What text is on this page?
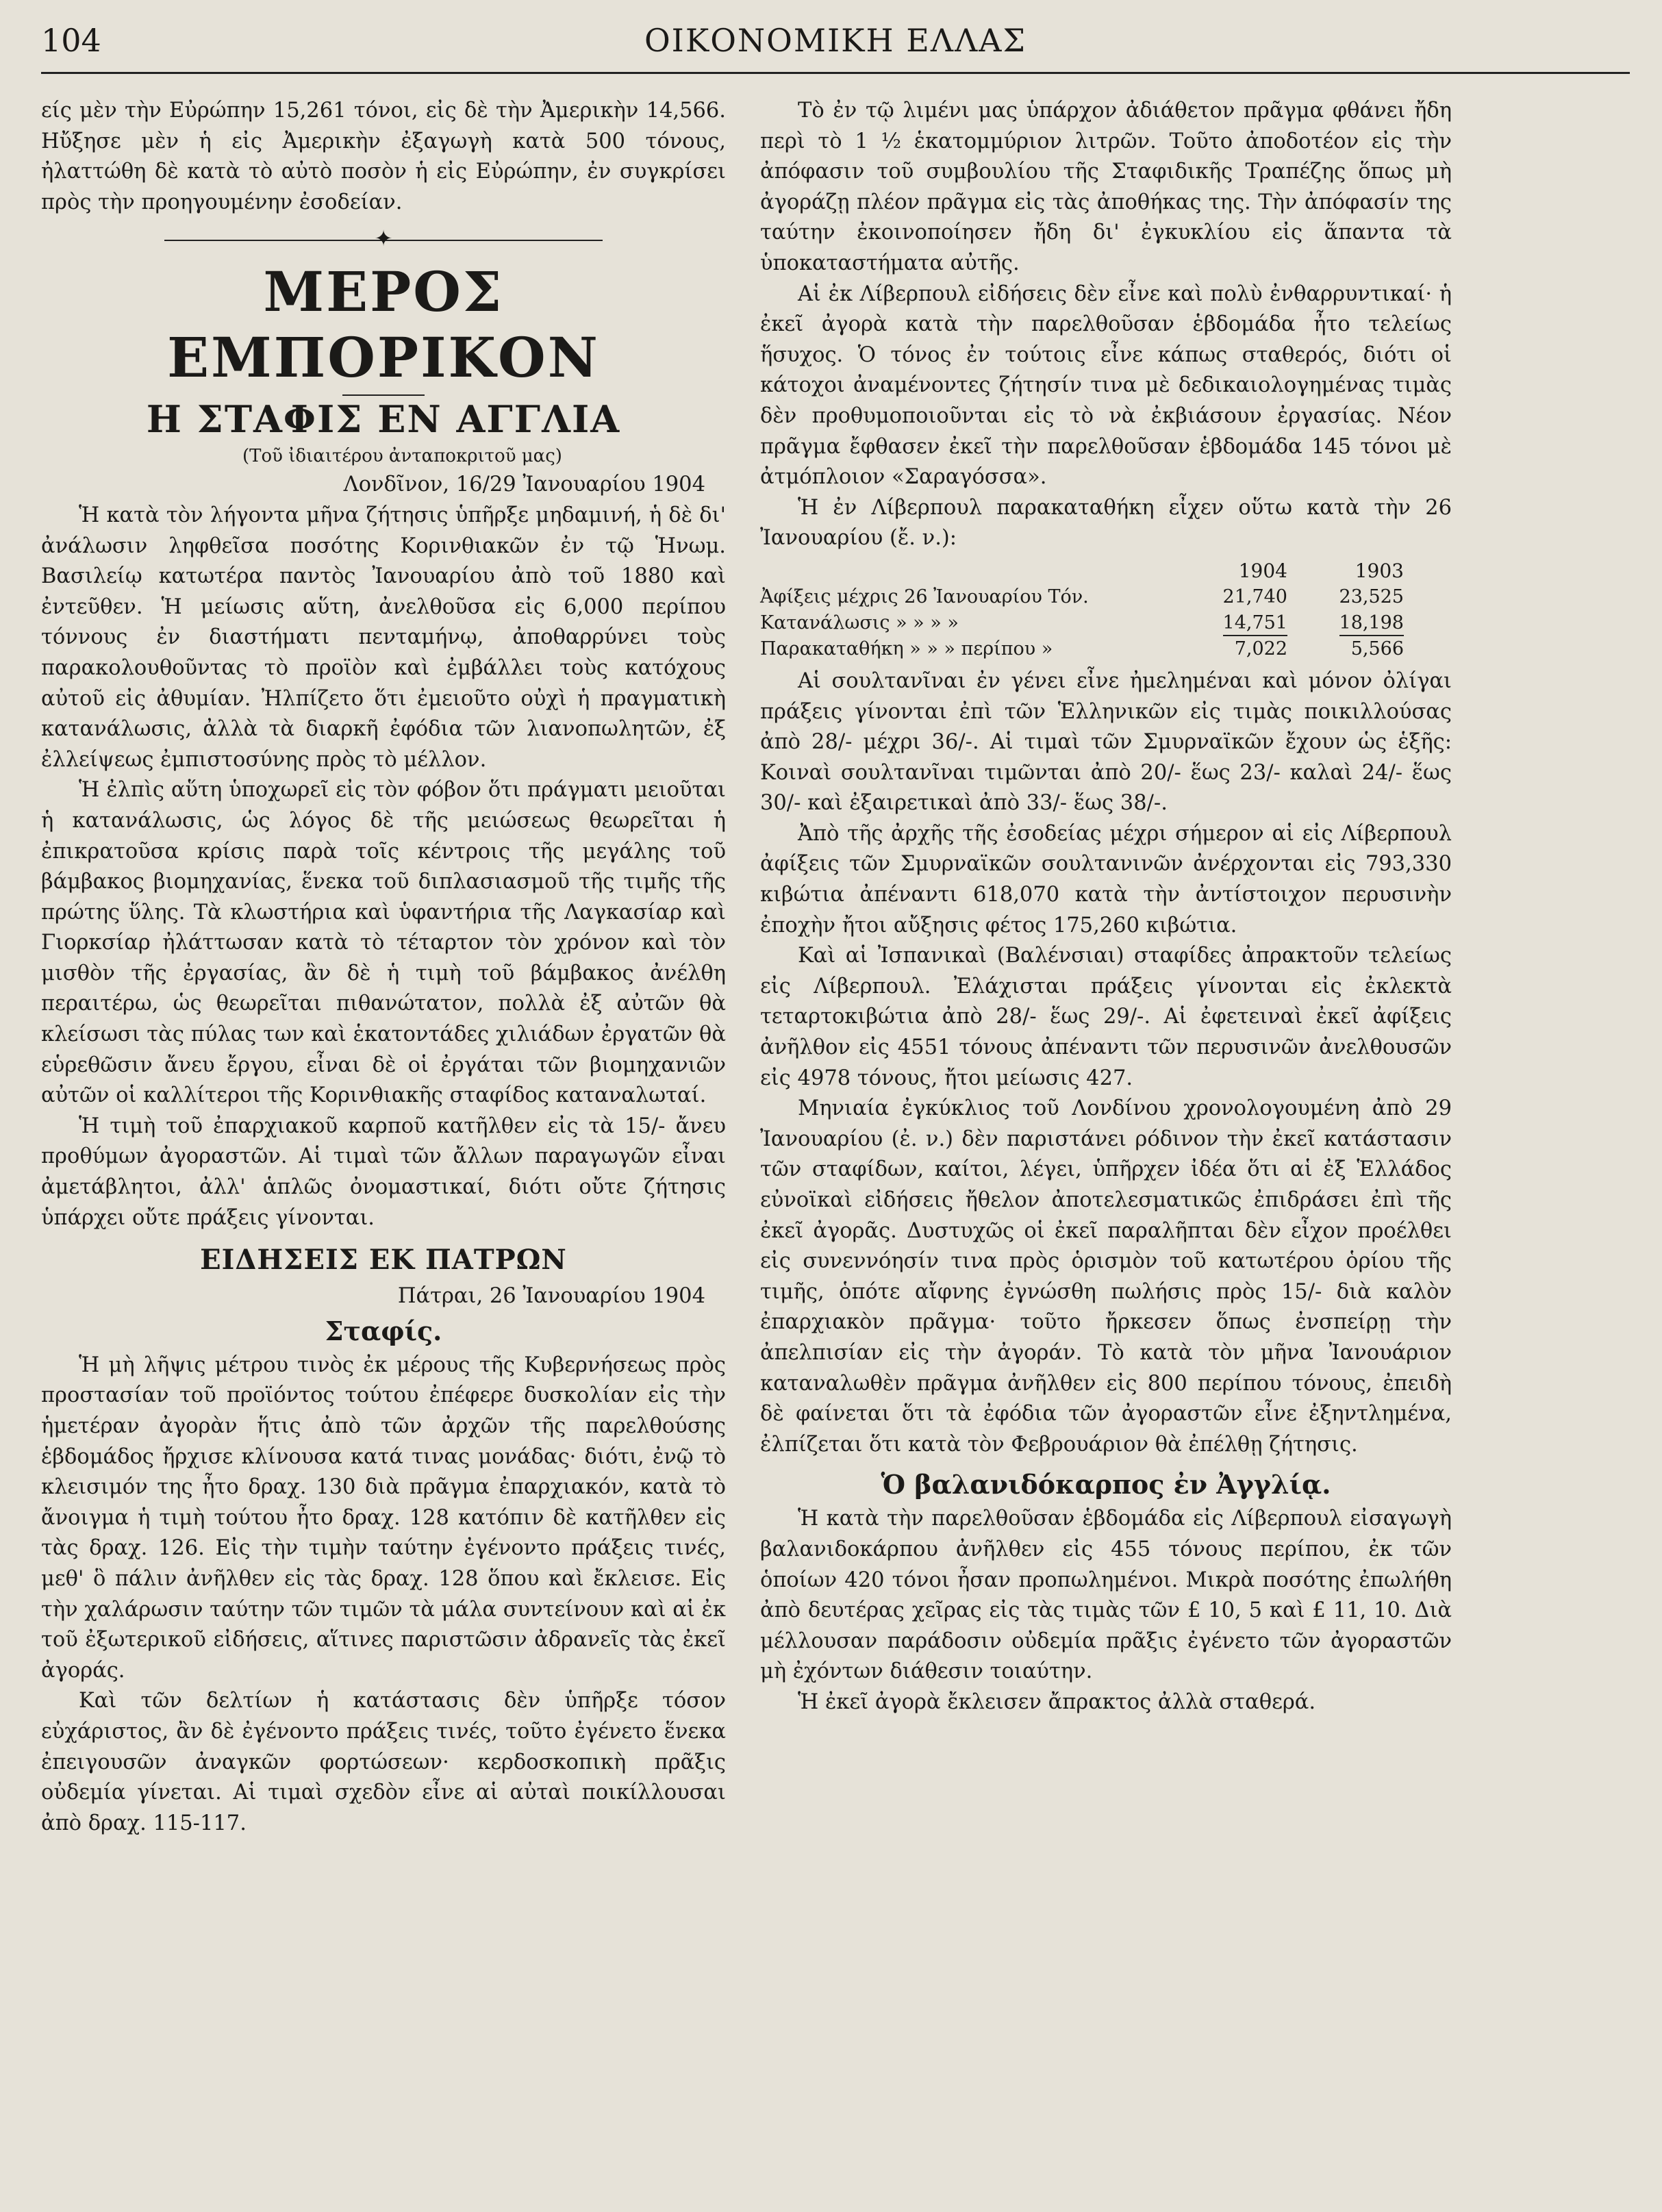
104	ΟΙΚΟΝΟΜΙΚΗ ΕΛΛΑΣ

είς μὲν τὴν Εὐρώπην 15,261 τόνοι, εἰς δὲ τὴν Ἀμερικὴν 14,566. Ηὔξησε μὲν ἡ εἰς Ἀμερικὴν ἐξαγωγὴ κατὰ 500 τόνους, ἠλαττώθη δὲ κατὰ τὸ αὐτὸ ποσὸν ἡ εἰς Εὐρώπην, ἐν συγκρίσει πρὸς τὴν προηγουμένην ἐσοδείαν.

✦
ΜΕΡΟΣ ΕΜΠΟΡΙΚΟΝ
Η ΣΤΑΦΙΣ ΕΝ ΑΓΓΛΙΑ

(Τοῦ ἰδιαιτέρου ἀνταποκριτοῦ μας)

Λονδῖνον, 16/29 Ἰανουαρίου 1904

Ἡ κατὰ τὸν λήγοντα μῆνα ζήτησις ὑπῆρξε μηδαμινή, ἡ δὲ δι' ἀνάλωσιν ληφθεῖσα ποσότης Κορινθιακῶν ἐν τῷ Ἡνωμ. Βασιλείῳ κατωτέρα παντὸς Ἰανουαρίου ἀπὸ τοῦ 1880 καὶ ἐντεῦθεν. Ἡ μείωσις αὕτη, ἀνελθοῦσα εἰς 6,000 περίπου τόννους ἐν διαστήματι πενταμήνῳ, ἀποθαρρύνει τοὺς παρακολουθοῦντας τὸ προϊὸν καὶ ἐμβάλλει τοὺς κατόχους αὐτοῦ εἰς ἀθυμίαν. Ἠλπίζετο ὅτι ἐμειοῦτο οὐχὶ ἡ πραγματικὴ κατανάλωσις, ἀλλὰ τὰ διαρκῆ ἐφόδια τῶν λιανοπωλητῶν, ἐξ ἐλλείψεως ἐμπιστοσύνης πρὸς τὸ μέλλον.

Ἡ ἐλπὶς αὕτη ὑποχωρεῖ εἰς τὸν φόβον ὅτι πράγματι μειοῦται ἡ κατανάλωσις, ὡς λόγος δὲ τῆς μειώσεως θεωρεῖται ἡ ἐπικρατοῦσα κρίσις παρὰ τοῖς κέντροις τῆς μεγάλης τοῦ βάμβακος βιομηχανίας, ἕνεκα τοῦ διπλασιασμοῦ τῆς τιμῆς τῆς πρώτης ὕλης. Τὰ κλωστήρια καὶ ὑφαντήρια τῆς Λαγκασίαρ καὶ Γιορκσίαρ ἠλάττωσαν κατὰ τὸ τέταρτον τὸν χρόνον καὶ τὸν μισθὸν τῆς ἐργασίας, ἂν δὲ ἡ τιμὴ τοῦ βάμβακος ἀνέλθη περαιτέρω, ὡς θεωρεῖται πιθανώτατον, πολλὰ ἐξ αὐτῶν θὰ κλείσωσι τὰς πύλας των καὶ ἑκατοντάδες χιλιάδων ἐργατῶν θὰ εὑρεθῶσιν ἄνευ ἔργου, εἶναι δὲ οἱ ἐργάται τῶν βιομηχανιῶν αὐτῶν οἱ καλλίτεροι τῆς Κορινθιακῆς σταφίδος καταναλωταί.

Ἡ τιμὴ τοῦ ἐπαρχιακοῦ καρποῦ κατῆλθεν εἰς τὰ 15/- ἄνευ προθύμων ἀγοραστῶν. Αἱ τιμαὶ τῶν ἄλλων παραγωγῶν εἶναι ἀμετάβλητοι, ἀλλ' ἁπλῶς ὀνομαστικαί, διότι οὔτε ζήτησις ὑπάρχει οὔτε πράξεις γίνονται.

ΕΙΔΗΣΕΙΣ ΕΚ ΠΑΤΡΩΝ

Πάτραι, 26 Ἰανουαρίου 1904

Σταφίς.

Ἡ μὴ λῆψις μέτρου τινὸς ἐκ μέρους τῆς Κυβερνήσεως πρὸς προστασίαν τοῦ προϊόντος τούτου ἐπέφερε δυσκολίαν εἰς τὴν ἡμετέραν ἀγορὰν ἥτις ἀπὸ τῶν ἀρχῶν τῆς παρελθούσης ἑβδομάδος ἤρχισε κλίνουσα κατά τινας μονάδας· διότι, ἐνῷ τὸ κλεισιμόν της ἦτο δραχ. 130 διὰ πρᾶγμα ἐπαρχιακόν, κατὰ τὸ ἄνοιγμα ἡ τιμὴ τούτου ἦτο δραχ. 128 κατόπιν δὲ κατῆλθεν εἰς τὰς δραχ. 126. Εἰς τὴν τιμὴν ταύτην ἐγένοντο πράξεις τινές, μεθ' ὃ πάλιν ἀνῆλθεν εἰς τὰς δραχ. 128 ὅπου καὶ ἔκλεισε. Εἰς τὴν χαλάρωσιν ταύτην τῶν τιμῶν τὰ μάλα συντείνουν καὶ αἱ ἐκ τοῦ ἐξωτερικοῦ εἰδήσεις, αἵτινες παριστῶσιν ἀδρανεῖς τὰς ἐκεῖ ἀγοράς.

Καὶ τῶν δελτίων ἡ κατάστασις δὲν ὑπῆρξε τόσον εὐχάριστος, ἂν δὲ ἐγένοντο πράξεις τινές, τοῦτο ἐγένετο ἕνεκα ἐπειγουσῶν ἀναγκῶν φορτώσεων· κερδοσκοπικὴ πρᾶξις οὐδεμία γίνεται. Αἱ τιμαὶ σχεδὸν εἶνε αἱ αὐταὶ ποικίλλουσαι ἀπὸ δραχ. 115-117.

Τὸ ἐν τῷ λιμένι μας ὑπάρχον ἀδιάθετον πρᾶγμα φθάνει ἤδη περὶ τὸ 1 ½ ἑκατομμύριον λιτρῶν. Τοῦτο ἀποδοτέον εἰς τὴν ἀπόφασιν τοῦ συμβουλίου τῆς Σταφιδικῆς Τραπέζης ὅπως μὴ ἀγοράζῃ πλέον πρᾶγμα εἰς τὰς ἀποθήκας της. Τὴν ἀπόφασίν της ταύτην ἐκοινοποίησεν ἤδη δι' ἐγκυκλίου εἰς ἅπαντα τὰ ὑποκαταστήματα αὐτῆς.

Αἱ ἐκ Λίβερπουλ εἰδήσεις δὲν εἶνε καὶ πολὺ ἐνθαρρυντικαί· ἡ ἐκεῖ ἀγορὰ κατὰ τὴν παρελθοῦσαν ἑβδομάδα ἦτο τελείως ἥσυχος. Ὁ τόνος ἐν τούτοις εἶνε κάπως σταθερός, διότι οἱ κάτοχοι ἀναμένοντες ζήτησίν τινα μὲ δεδικαιολογημένας τιμὰς δὲν προθυμοποιοῦνται εἰς τὸ νὰ ἐκβιάσουν ἐργασίας. Νέον πρᾶγμα ἔφθασεν ἐκεῖ τὴν παρελθοῦσαν ἑβδομάδα 145 τόνοι μὲ ἀτμόπλοιον «Σαραγόσσα».

Ἡ ἐν Λίβερπουλ παρακαταθήκη εἶχεν οὕτω κατὰ τὴν 26 Ἰανουαρίου (ἔ. ν.):

1904	1903
Ἀφίξεις μέχρις 26 Ἰανουαρίου Τόν.	21,740	23,525
Κατανάλωσις » » » »	14,751	18,198
Παρακαταθήκη » » » περίπου »	7,022	5,566

Αἱ σουλτανῖναι ἐν γένει εἶνε ἠμελημέναι καὶ μόνον ὀλίγαι πράξεις γίνονται ἐπὶ τῶν Ἑλληνικῶν εἰς τιμὰς ποικιλλούσας ἀπὸ 28/- μέχρι 36/-. Αἱ τιμαὶ τῶν Σμυρναϊκῶν ἔχουν ὡς ἑξῆς: Κοιναὶ σουλτανῖναι τιμῶνται ἀπὸ 20/- ἕως 23/- καλαὶ 24/- ἕως 30/- καὶ ἐξαιρετικαὶ ἀπὸ 33/- ἕως 38/-.

Ἀπὸ τῆς ἀρχῆς τῆς ἐσοδείας μέχρι σήμερον αἱ εἰς Λίβερπουλ ἀφίξεις τῶν Σμυρναϊκῶν σουλτανινῶν ἀνέρχονται εἰς 793,330 κιβώτια ἀπέναντι 618,070 κατὰ τὴν ἀντίστοιχον περυσινὴν ἐποχὴν ἤτοι αὔξησις φέτος 175,260 κιβώτια.

Καὶ αἱ Ἰσπανικαὶ (Βαλένσιαι) σταφίδες ἀπρακτοῦν τελείως εἰς Λίβερπουλ. Ἐλάχισται πράξεις γίνονται εἰς ἐκλεκτὰ τεταρτοκιβώτια ἀπὸ 28/- ἕως 29/-. Αἱ ἐφετειναὶ ἐκεῖ ἀφίξεις ἀνῆλθον εἰς 4551 τόνους ἀπέναντι τῶν περυσινῶν ἀνελθουσῶν εἰς 4978 τόνους, ἤτοι μείωσις 427.

Μηνιαία ἐγκύκλιος τοῦ Λονδίνου χρονολογουμένη ἀπὸ 29 Ἰανουαρίου (ἐ. ν.) δὲν παριστάνει ρόδινον τὴν ἐκεῖ κατάστασιν τῶν σταφίδων, καίτοι, λέγει, ὑπῆρχεν ἰδέα ὅτι αἱ ἐξ Ἑλλάδος εὐνοϊκαὶ εἰδήσεις ἤθελον ἀποτελεσματικῶς ἐπιδράσει ἐπὶ τῆς ἐκεῖ ἀγορᾶς. Δυστυχῶς οἱ ἐκεῖ παραλῆπται δὲν εἶχον προέλθει εἰς συνεννόησίν τινα πρὸς ὁρισμὸν τοῦ κατωτέρου ὁρίου τῆς τιμῆς, ὁπότε αἴφνης ἐγνώσθη πωλήσις πρὸς 15/- διὰ καλὸν ἐπαρχιακὸν πρᾶγμα· τοῦτο ἤρκεσεν ὅπως ἐνσπείρῃ τὴν ἀπελπισίαν εἰς τὴν ἀγοράν. Τὸ κατὰ τὸν μῆνα Ἰανουάριον καταναλωθὲν πρᾶγμα ἀνῆλθεν εἰς 800 περίπου τόνους, ἐπειδὴ δὲ φαίνεται ὅτι τὰ ἐφόδια τῶν ἀγοραστῶν εἶνε ἐξηντλημένα, ἐλπίζεται ὅτι κατὰ τὸν Φεβρουάριον θὰ ἐπέλθῃ ζήτησις.

Ὁ βαλανιδόκαρπος ἐν Ἀγγλίᾳ.

Ἡ κατὰ τὴν παρελθοῦσαν ἑβδομάδα εἰς Λίβερπουλ εἰσαγωγὴ βαλανιδοκάρπου ἀνῆλθεν εἰς 455 τόνους περίπου, ἐκ τῶν ὁποίων 420 τόνοι ἦσαν προπωλημένοι. Μικρὰ ποσότης ἐπωλήθη ἀπὸ δευτέρας χεῖρας εἰς τὰς τιμὰς τῶν £ 10, 5 καὶ £ 11, 10. Διὰ μέλλουσαν παράδοσιν οὐδεμία πρᾶξις ἐγένετο τῶν ἀγοραστῶν μὴ ἐχόντων διάθεσιν τοιαύτην.

Ἡ ἐκεῖ ἀγορὰ ἔκλεισεν ἄπρακτος ἀλλὰ σταθερά.
